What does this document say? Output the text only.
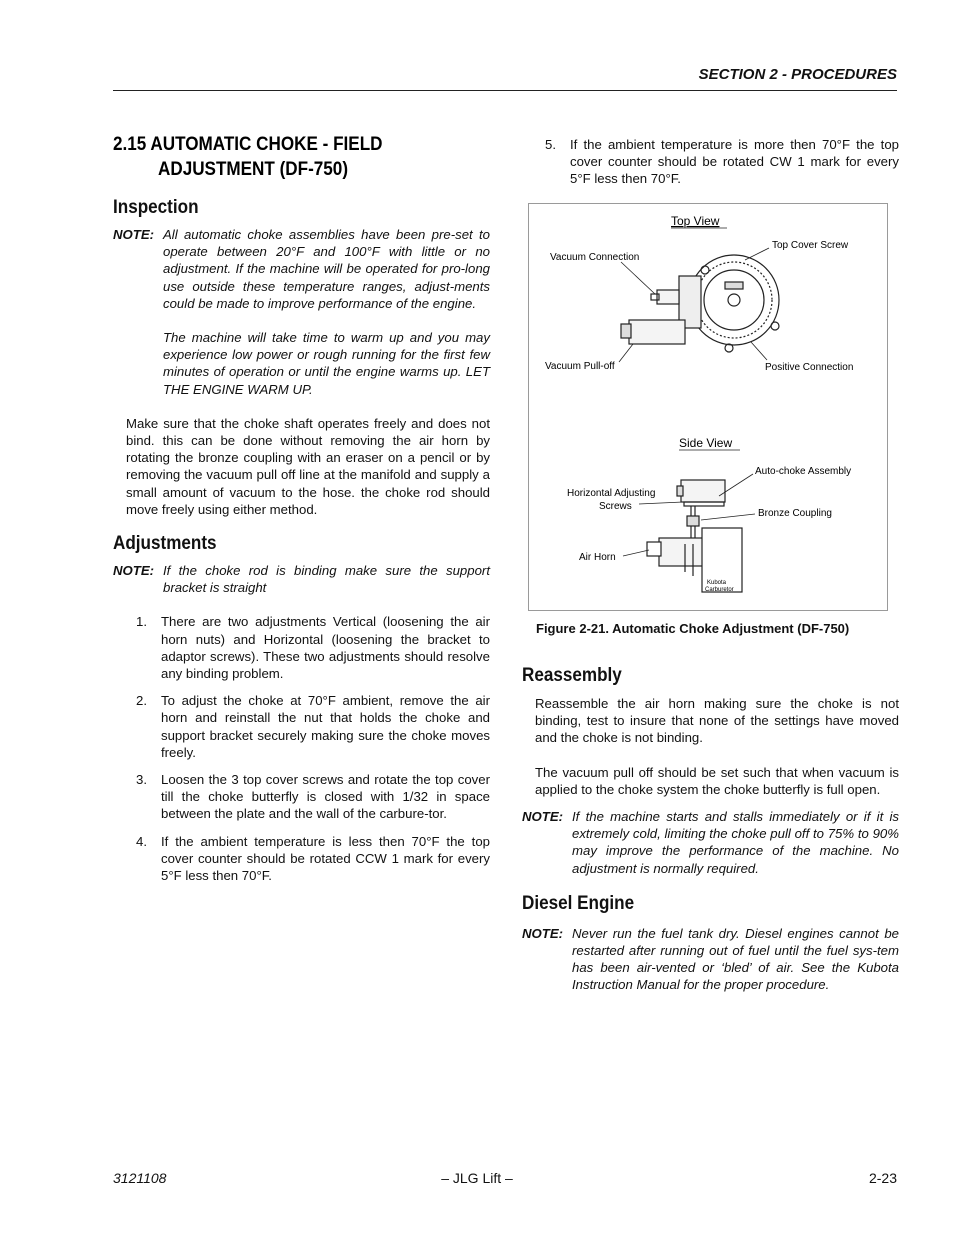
SECTION 2 - PROCEDURES
2.15 AUTOMATIC CHOKE - FIELD
ADJUSTMENT (DF-750)
Inspection
NOTE: All automatic choke assemblies have been pre-set to operate between 20°F and 100°F with little or no adjustment. If the machine will be operated for pro-long use outside these temperature ranges, adjust-ments could be made to improve performance of the engine.

The machine will take time to warm up and you may experience low power or rough running for the first few minutes of operation or until the engine warms up. LET THE ENGINE WARM UP.

Make sure that the choke shaft operates freely and does not bind. this can be done without removing the air horn by rotating the bronze coupling with an eraser on a pencil or by removing the vacuum pull off line at the manifold and supply a small amount of vacuum to the hose. the choke rod should move freely using either method.

Adjustments
NOTE: If the choke rod is binding make sure the support bracket is straight
1.	There are two adjustments Vertical (loosening the air horn nuts) and Horizontal (loosening the bracket to adaptor screws). These two adjustments should resolve any binding problem.
2.	To adjust the choke at 70°F ambient, remove the air horn and reinstall the nut that holds the choke and support bracket securely making sure the choke moves freely.
3.	Loosen the 3 top cover screws and rotate the top cover till the choke butterfly is closed with 1/32 in space between the plate and the wall of the carbure-tor.
4.	If the ambient temperature is less then 70°F the top cover counter should be rotated CCW 1 mark for every 5°F less then 70°F.
5.	If the ambient temperature is more then 70°F the top cover counter should be rotated CW 1 mark for every 5°F less then 70°F.
Top View
Vacuum Connection
Top Cover Screw
Vacuum Pull-off	Positive Connection
Side View
Auto-choke Assembly
Horizontal Adjusting
Screws
Bronze Coupling
Air Horn
Kubota
Carburetor
Figure 2-21. Automatic Choke Adjustment (DF-750)
Reassembly

Reassemble the air horn making sure the choke is not binding, test to insure that none of the settings have moved and the choke is not binding.

The vacuum pull off should be set such that when vacuum is applied to the choke system the choke butterfly is full open.

NOTE: If the machine starts and stalls immediately or if it is extremely cold, limiting the choke pull off to 75% to 90% may improve the performance of the machine. No adjustment is normally required.
Diesel Engine
NOTE: Never run the fuel tank dry. Diesel engines cannot be restarted after running out of fuel until the fuel sys-tem has been air-vented or ‘bled’ of air. See the Kubota Instruction Manual for the proper procedure.
3121108	– JLG Lift –	2-23
